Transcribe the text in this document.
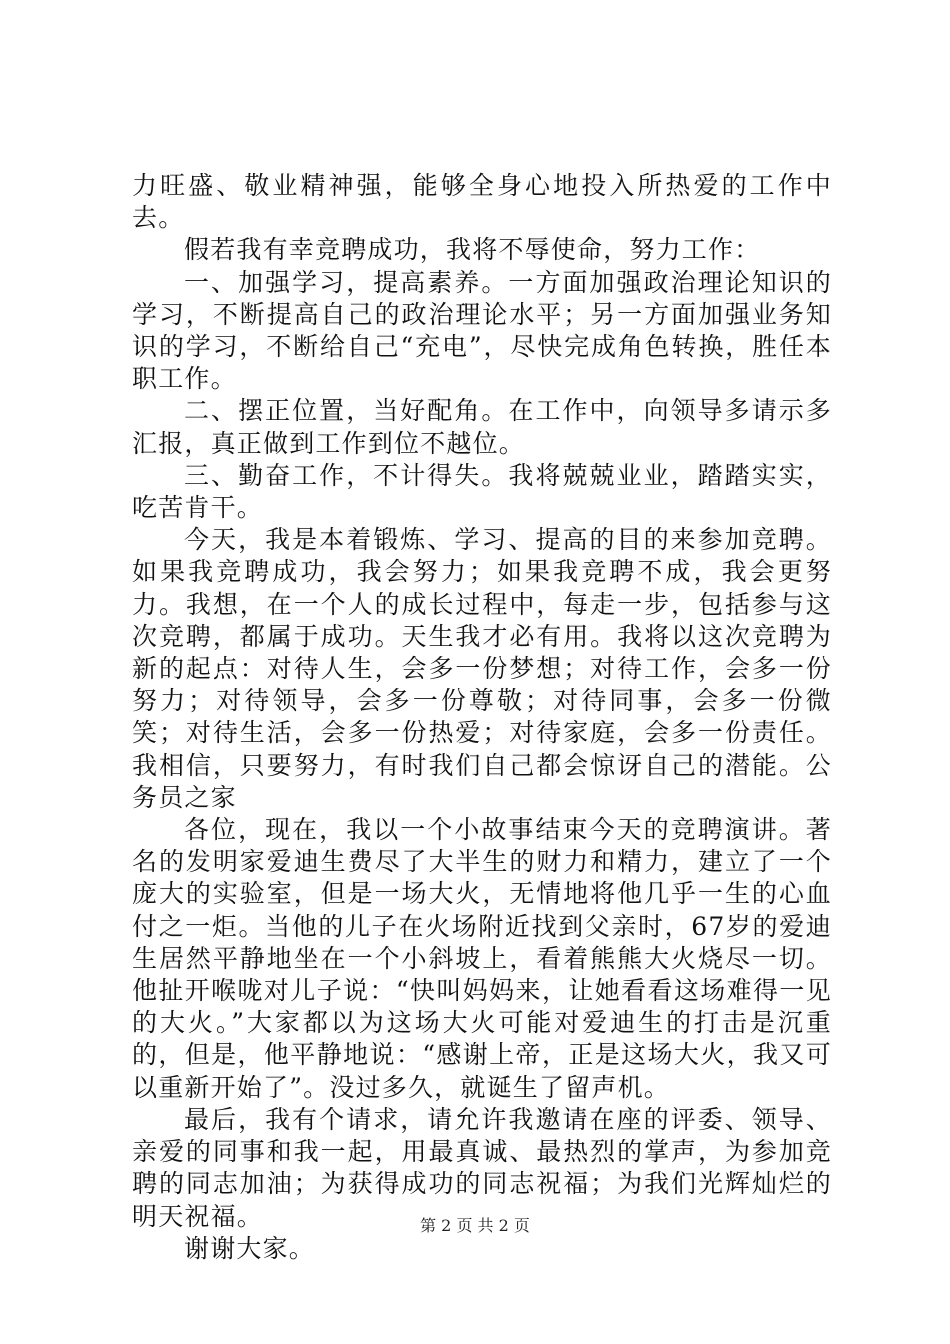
力旺盛、敬业精神强，能够全身心地投入所热爱的工作中去。

假若我有幸竞聘成功，我将不辱使命，努力工作：

一、加强学习，提高素养。一方面加强政治理论知识的学习，不断提高自己的政治理论水平；另一方面加强业务知识的学习，不断给自己“充电”，尽快完成角色转换，胜任本职工作。

二、摆正位置，当好配角。在工作中，向领导多请示多汇报，真正做到工作到位不越位。

三、勤奋工作，不计得失。我将兢兢业业，踏踏实实，吃苦肯干。

今天，我是本着锻炼、学习、提高的目的来参加竞聘。如果我竞聘成功，我会努力；如果我竞聘不成，我会更努力。我想，在一个人的成长过程中，每走一步，包括参与这次竞聘，都属于成功。天生我才必有用。我将以这次竞聘为新的起点：对待人生，会多一份梦想；对待工作，会多一份努力；对待领导，会多一份尊敬；对待同事，会多一份微笑；对待生活，会多一份热爱；对待家庭，会多一份责任。我相信，只要努力，有时我们自己都会惊讶自己的潜能。公务员之家

各位，现在，我以一个小故事结束今天的竞聘演讲。著名的发明家爱迪生费尽了大半生的财力和精力，建立了一个庞大的实验室，但是一场大火，无情地将他几乎一生的心血付之一炬。当他的儿子在火场附近找到父亲时，67岁的爱迪生居然平静地坐在一个小斜坡上，看着熊熊大火烧尽一切。他扯开喉咙对儿子说：“快叫妈妈来，让她看看这场难得一见的大火。”大家都以为这场大火可能对爱迪生的打击是沉重的，但是，他平静地说：“感谢上帝，正是这场大火，我又可以重新开始了”。没过多久，就诞生了留声机。

最后，我有个请求，请允许我邀请在座的评委、领导、亲爱的同事和我一起，用最真诚、最热烈的掌声，为参加竞聘的同志加油；为获得成功的同志祝福；为我们光辉灿烂的明天祝福。

谢谢大家。

第 2 页 共 2 页
